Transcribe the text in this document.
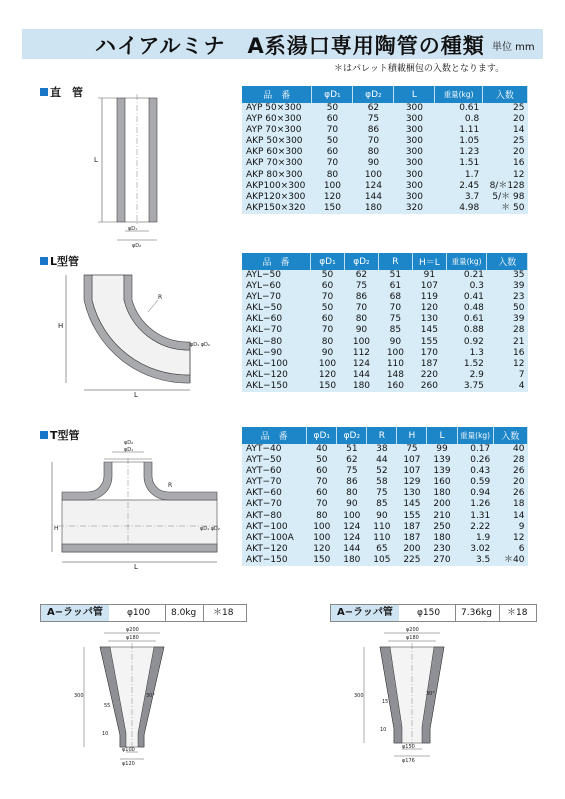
ハイアルミナ　A系湯口専用陶管の種類 単位 mm
＊はパレット積載梱包の入数となります。
直　管
L
φD₁
φD₂
品　番	φD₁	φD₂	L	重量(kg)	入数
AYP 50×300	50	62	300	0.61	25
AYP 60×300	60	75	300	0.8	20
AYP 70×300	70	86	300	1.11	14
AKP 50×300	50	70	300	1.05	25
AKP 60×300	60	80	300	1.23	20
AKP 70×300	70	90	300	1.51	16
AKP 80×300	80	100	300	1.7	12
AKP100×300	100	124	300	2.45	8/＊128
AKP120×300	120	144	300	3.7	5/＊ 98
AKP150×320	150	180	320	4.98	＊ 50
L型管
H
L
R
φD₁ φD₂
品　番	φD₁	φD₂	R	H＝L	重量(kg)	入数
AYL−50	50	62	51	91	0.21	35
AYL−60	60	75	61	107	0.3	39
AYL−70	70	86	68	119	0.41	23
AKL−50	50	70	70	120	0.48	50
AKL−60	60	80	75	130	0.61	39
AKL−70	70	90	85	145	0.88	28
AKL−80	80	100	90	155	0.92	21
AKL−90	90	112	100	170	1.3	16
AKL−100	100	124	110	187	1.52	12
AKL−120	120	144	148	220	2.9	7
AKL−150	150	180	160	260	3.75	4
T型管
φD₁
φD₂
R
H
L
φD₁ φD₂
品　番	φD₁	φD₂	R	H	L	重量(kg)	入数
AYT−40	40	51	38	75	99	0.17	40
AYT−50	50	62	44	107	139	0.26	28
AYT−60	60	75	52	107	139	0.43	26
AYT−70	70	86	58	129	160	0.59	20
AKT−60	60	80	75	130	180	0.94	26
AKT−70	70	90	85	145	200	1.26	18
AKT−80	80	100	90	155	210	1.31	14
AKT−100	100	124	110	187	250	2.22	9
AKT−100A	100	124	110	187	180	1.9	12
AKT−120	120	144	65	200	230	3.02	6
AKT−150	150	180	105	225	270	3.5	＊40
A−ラッパ管	φ100 8.0kg ＊18	A−ラッパ管	φ150 7.36kg ＊18
φ200
φ180
300	30°
55
10
φ100
φ120
φ200
φ180
300	30°
15
10
φ150
φ176
